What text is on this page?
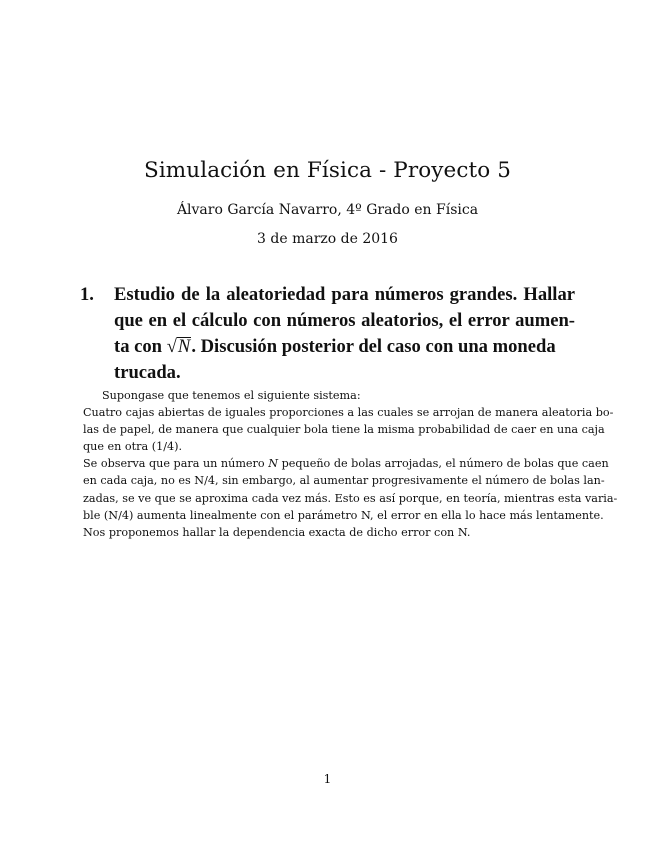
Simulación en Física - Proyecto 5
Álvaro García Navarro, 4º Grado en Física
3 de marzo de 2016
1. Estudio de la aleatoriedad para números grandes. Hallar
que en el cálculo con números aleatorios, el error aumen-
ta con √N. Discusión posterior del caso con una moneda
trucada.
Supongase que tenemos el siguiente sistema:
Cuatro cajas abiertas de iguales proporciones a las cuales se arrojan de manera aleatoria bo-
las de papel, de manera que cualquier bola tiene la misma probabilidad de caer en una caja
que en otra (1/4).
Se observa que para un número N pequeño de bolas arrojadas, el número de bolas que caen
en cada caja, no es N/4, sin embargo, al aumentar progresivamente el número de bolas lan-
zadas, se ve que se aproxima cada vez más. Esto es así porque, en teoría, mientras esta varia-
ble (N/4) aumenta linealmente con el parámetro N, el error en ella lo hace más lentamente.
Nos proponemos hallar la dependencia exacta de dicho error con N.
1
